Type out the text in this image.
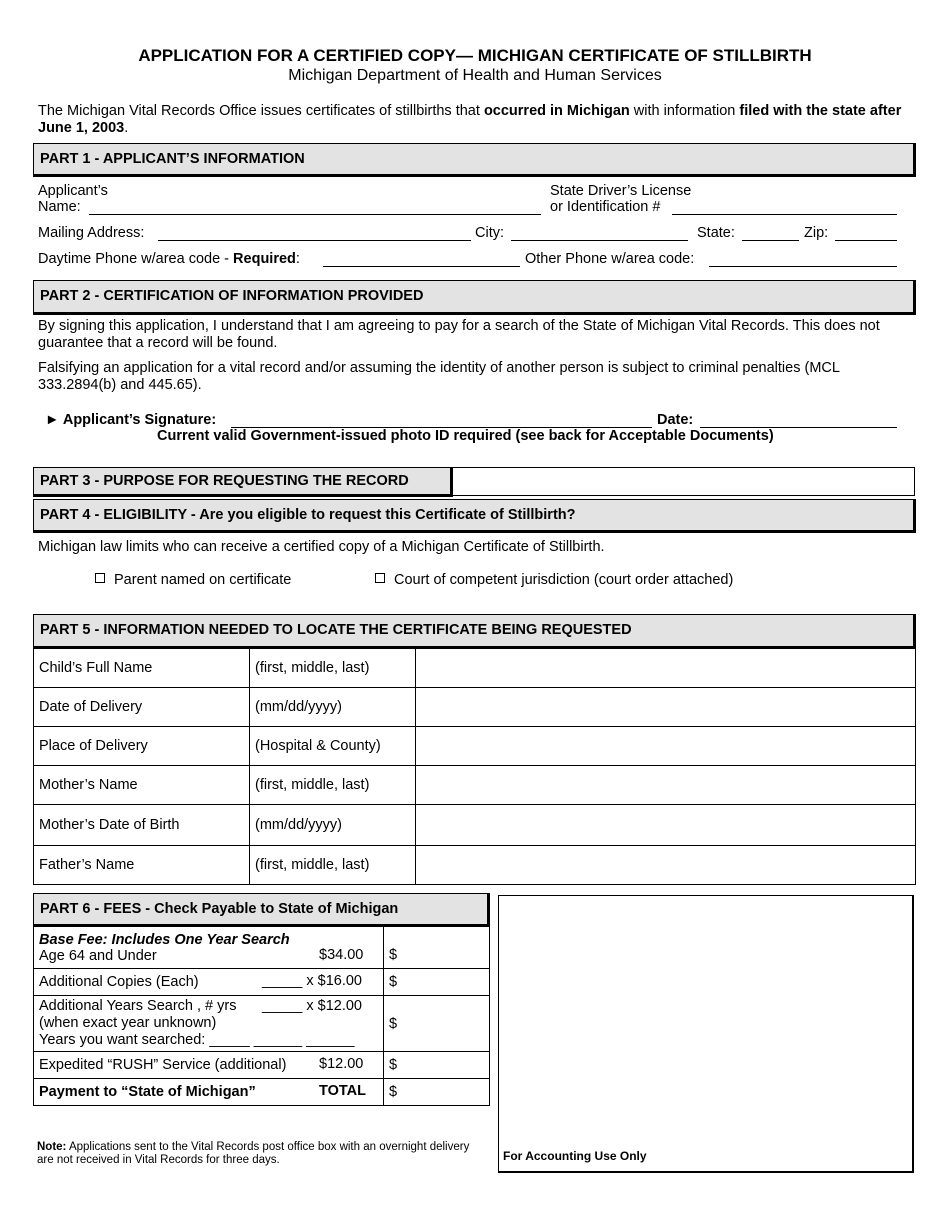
APPLICATION FOR A CERTIFIED COPY— MICHIGAN CERTIFICATE OF STILLBIRTH
Michigan Department of Health and Human Services
The Michigan Vital Records Office issues certificates of stillbirths that occurred in Michigan with information filed with the state after June 1, 2003.
PART 1 - APPLICANT’S INFORMATION
Applicant’s
Name:
State Driver’s License
or Identification #
Mailing Address:	City:	State:	Zip:
Daytime Phone w/area code - Required:	Other Phone w/area code:
PART 2 - CERTIFICATION OF INFORMATION PROVIDED
By signing this application, I understand that I am agreeing to pay for a search of the State of Michigan Vital Records. This does not guarantee that a record will be found.
Falsifying an application for a vital record and/or assuming the identity of another person is subject to criminal penalties (MCL 333.2894(b) and 445.65).
► Applicant’s Signature:	Date:
Current valid Government-issued photo ID required (see back for Acceptable Documents)
PART 3 - PURPOSE FOR REQUESTING THE RECORD
PART 4 - ELIGIBILITY - Are you eligible to request this Certificate of Stillbirth?
Michigan law limits who can receive a certified copy of a Michigan Certificate of Stillbirth.
Parent named on certificate	Court of competent jurisdiction (court order attached)
PART 5 - INFORMATION NEEDED TO LOCATE THE CERTIFICATE BEING REQUESTED
Child’s Full Name	(first, middle, last)	
Date of Delivery	(mm/dd/yyyy)	
Place of Delivery	(Hospital & County)	
Mother’s Name	(first, middle, last)	
Mother’s Date of Birth	(mm/dd/yyyy)	
Father’s Name	(first, middle, last)	
PART 6 - FEES - Check Payable to State of Michigan
Base Fee: Includes One Year Search
Age 64 and Under $34.00	$
Additional Copies (Each) _____ x $16.00	$

Additional Years Search , # yrs
(when exact year unknown)
Years you want searched: _____ ______ ______
_____ x $12.00	$
Expedited “RUSH” Service (additional) $12.00	$
Payment to “State of Michigan” TOTAL	$
Note: Applications sent to the Vital Records post office box with an overnight delivery are not received in Vital Records for three days.	For Accounting Use Only
